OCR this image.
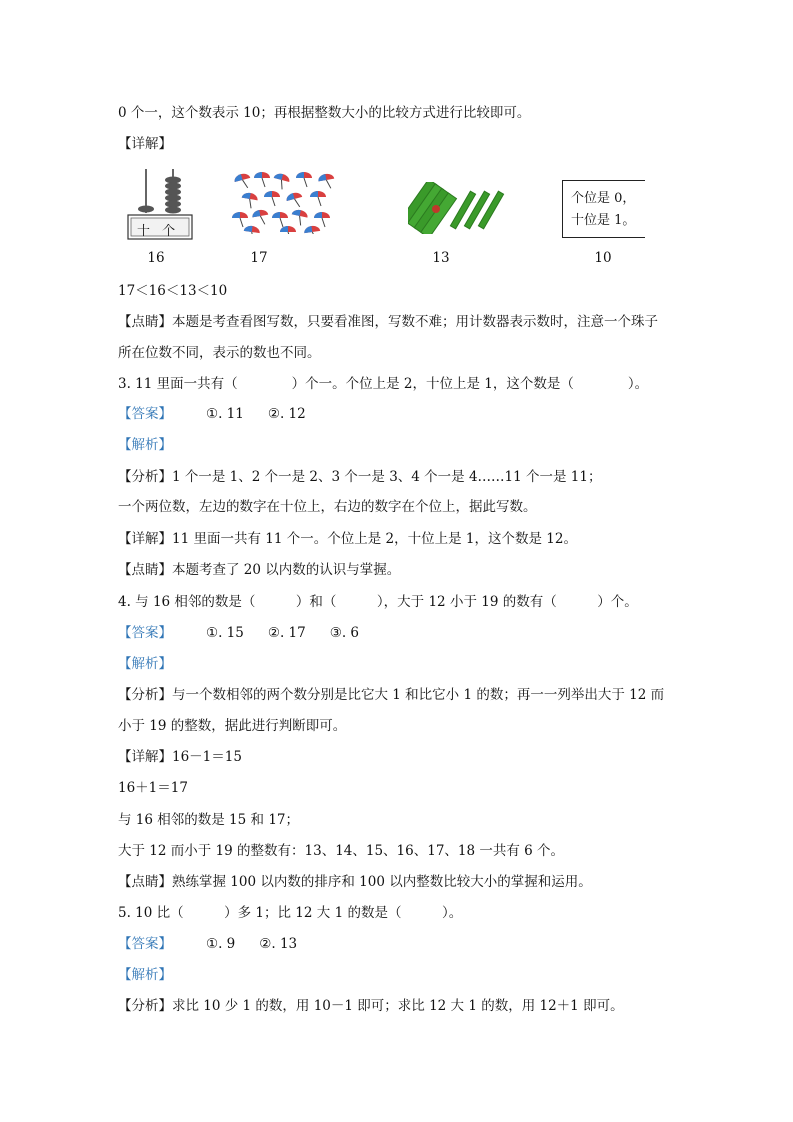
0 个一，这个数表示 10；再根据整数大小的比较方式进行比较即可。
【详解】
十 个
个位是 0，
十位是 1。
16	17	13	10
17＜16＜13＜10
【点睛】本题是考查看图写数，只要看准图，写数不难；用计数器表示数时，注意一个珠子
所在位数不同，表示的数也不同。
3. 11 里面一共有（　　　　）个一。个位上是 2，十位上是 1，这个数是（　　　　）。
【答案】	①. 11 ②. 12
【解析】
【分析】1 个一是 1、2 个一是 2、3 个一是 3、4 个一是 4……11 个一是 11；
一个两位数，左边的数字在十位上，右边的数字在个位上，据此写数。
【详解】11 里面一共有 11 个一。个位上是 2，十位上是 1，这个数是 12。
【点睛】本题考查了 20 以内数的认识与掌握。
4. 与 16 相邻的数是（　　　）和（　　　），大于 12 小于 19 的数有（　　　）个。
【答案】	①. 15 ②. 17 ③. 6
【解析】
【分析】与一个数相邻的两个数分别是比它大 1 和比它小 1 的数；再一一列举出大于 12 而
小于 19 的整数，据此进行判断即可。
【详解】16－1＝15
16＋1＝17
与 16 相邻的数是 15 和 17；
大于 12 而小于 19 的整数有：13、14、15、16、17、18 一共有 6 个。
【点睛】熟练掌握 100 以内数的排序和 100 以内整数比较大小的掌握和运用。
5. 10 比（　　　）多 1；比 12 大 1 的数是（　　　）。
【答案】	①. 9 ②. 13
【解析】
【分析】求比 10 少 1 的数，用 10－1 即可；求比 12 大 1 的数，用 12＋1 即可。
